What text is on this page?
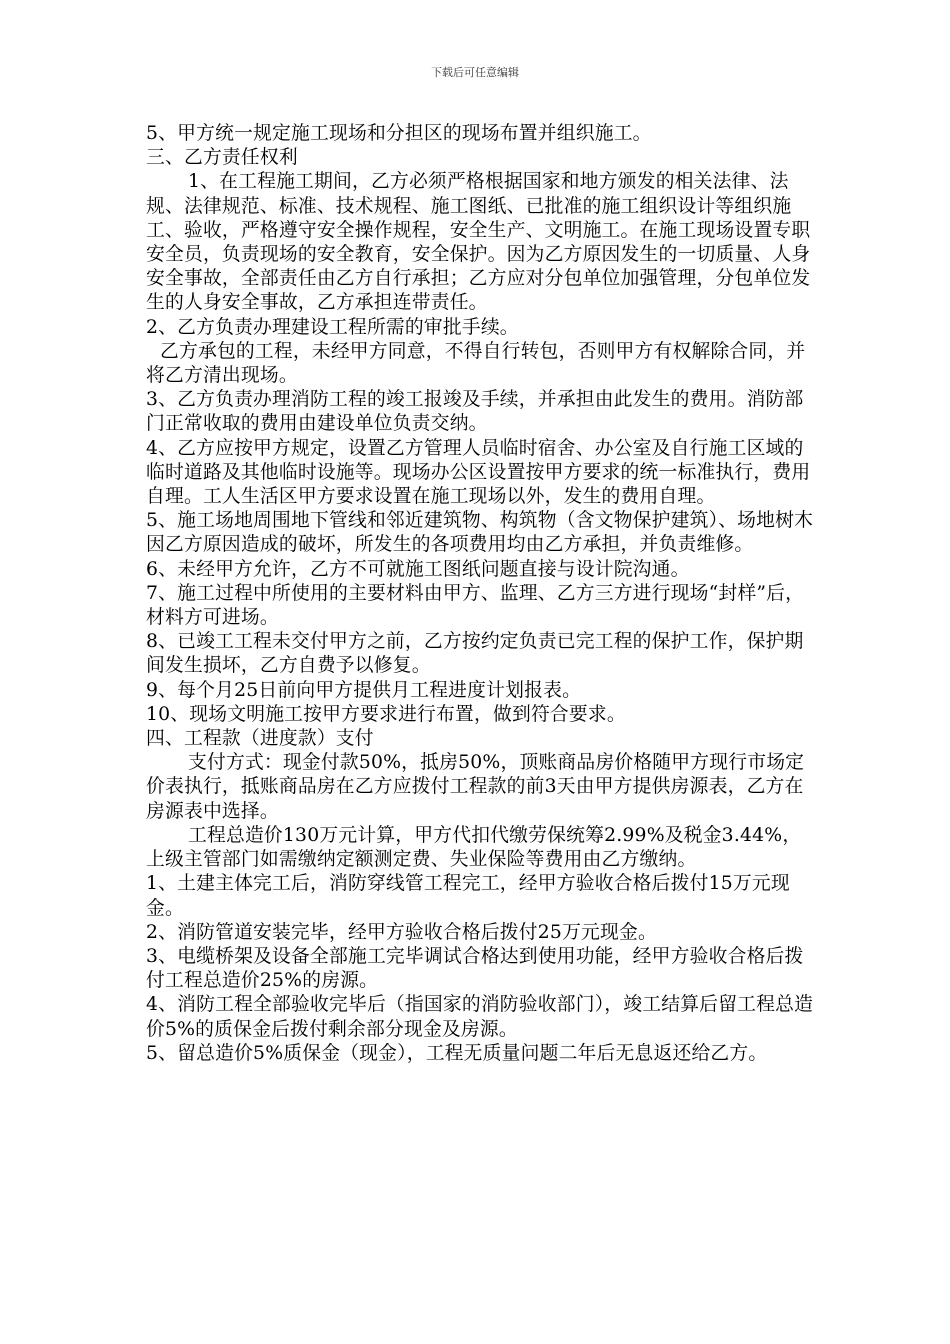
下载后可任意编辑

5、甲方统一规定施工现场和分担区的现场布置并组织施工。

三、乙方责任权利

1、在工程施工期间，乙方必须严格根据国家和地方颁发的相关法律、法规、法律规范、标准、技术规程、施工图纸、已批准的施工组织设计等组织施工、验收，严格遵守安全操作规程，安全生产、文明施工。在施工现场设置专职安全员，负责现场的安全教育，安全保护。因为乙方原因发生的一切质量、人身安全事故，全部责任由乙方自行承担；乙方应对分包单位加强管理，分包单位发生的人身安全事故，乙方承担连带责任。

2、乙方负责办理建设工程所需的审批手续。

乙方承包的工程，未经甲方同意，不得自行转包，否则甲方有权解除合同，并将乙方清出现场。

3、乙方负责办理消防工程的竣工报竣及手续，并承担由此发生的费用。消防部门正常收取的费用由建设单位负责交纳。

4、乙方应按甲方规定，设置乙方管理人员临时宿舍、办公室及自行施工区域的临时道路及其他临时设施等。现场办公区设置按甲方要求的统一标准执行，费用自理。工人生活区甲方要求设置在施工现场以外，发生的费用自理。

5、施工场地周围地下管线和邻近建筑物、构筑物（含文物保护建筑）、场地树木因乙方原因造成的破坏，所发生的各项费用均由乙方承担，并负责维修。

6、未经甲方允许，乙方不可就施工图纸问题直接与设计院沟通。

7、施工过程中所使用的主要材料由甲方、监理、乙方三方进行现场“封样”后，材料方可进场。

8、已竣工工程未交付甲方之前，乙方按约定负责已完工程的保护工作，保护期间发生损坏，乙方自费予以修复。

9、每个月25日前向甲方提供月工程进度计划报表。

10、现场文明施工按甲方要求进行布置，做到符合要求。

四、工程款（进度款）支付

支付方式：现金付款50%，抵房50%，顶账商品房价格随甲方现行市场定价表执行，抵账商品房在乙方应拨付工程款的前3天由甲方提供房源表，乙方在房源表中选择。

工程总造价130万元计算，甲方代扣代缴劳保统筹2.99%及税金3.44%，上级主管部门如需缴纳定额测定费、失业保险等费用由乙方缴纳。

1、土建主体完工后，消防穿线管工程完工，经甲方验收合格后拨付15万元现金。

2、消防管道安装完毕，经甲方验收合格后拨付25万元现金。

3、电缆桥架及设备全部施工完毕调试合格达到使用功能，经甲方验收合格后拨付工程总造价25%的房源。

4、消防工程全部验收完毕后（指国家的消防验收部门），竣工结算后留工程总造价5%的质保金后拨付剩余部分现金及房源。

5、留总造价5%质保金（现金），工程无质量问题二年后无息返还给乙方。
